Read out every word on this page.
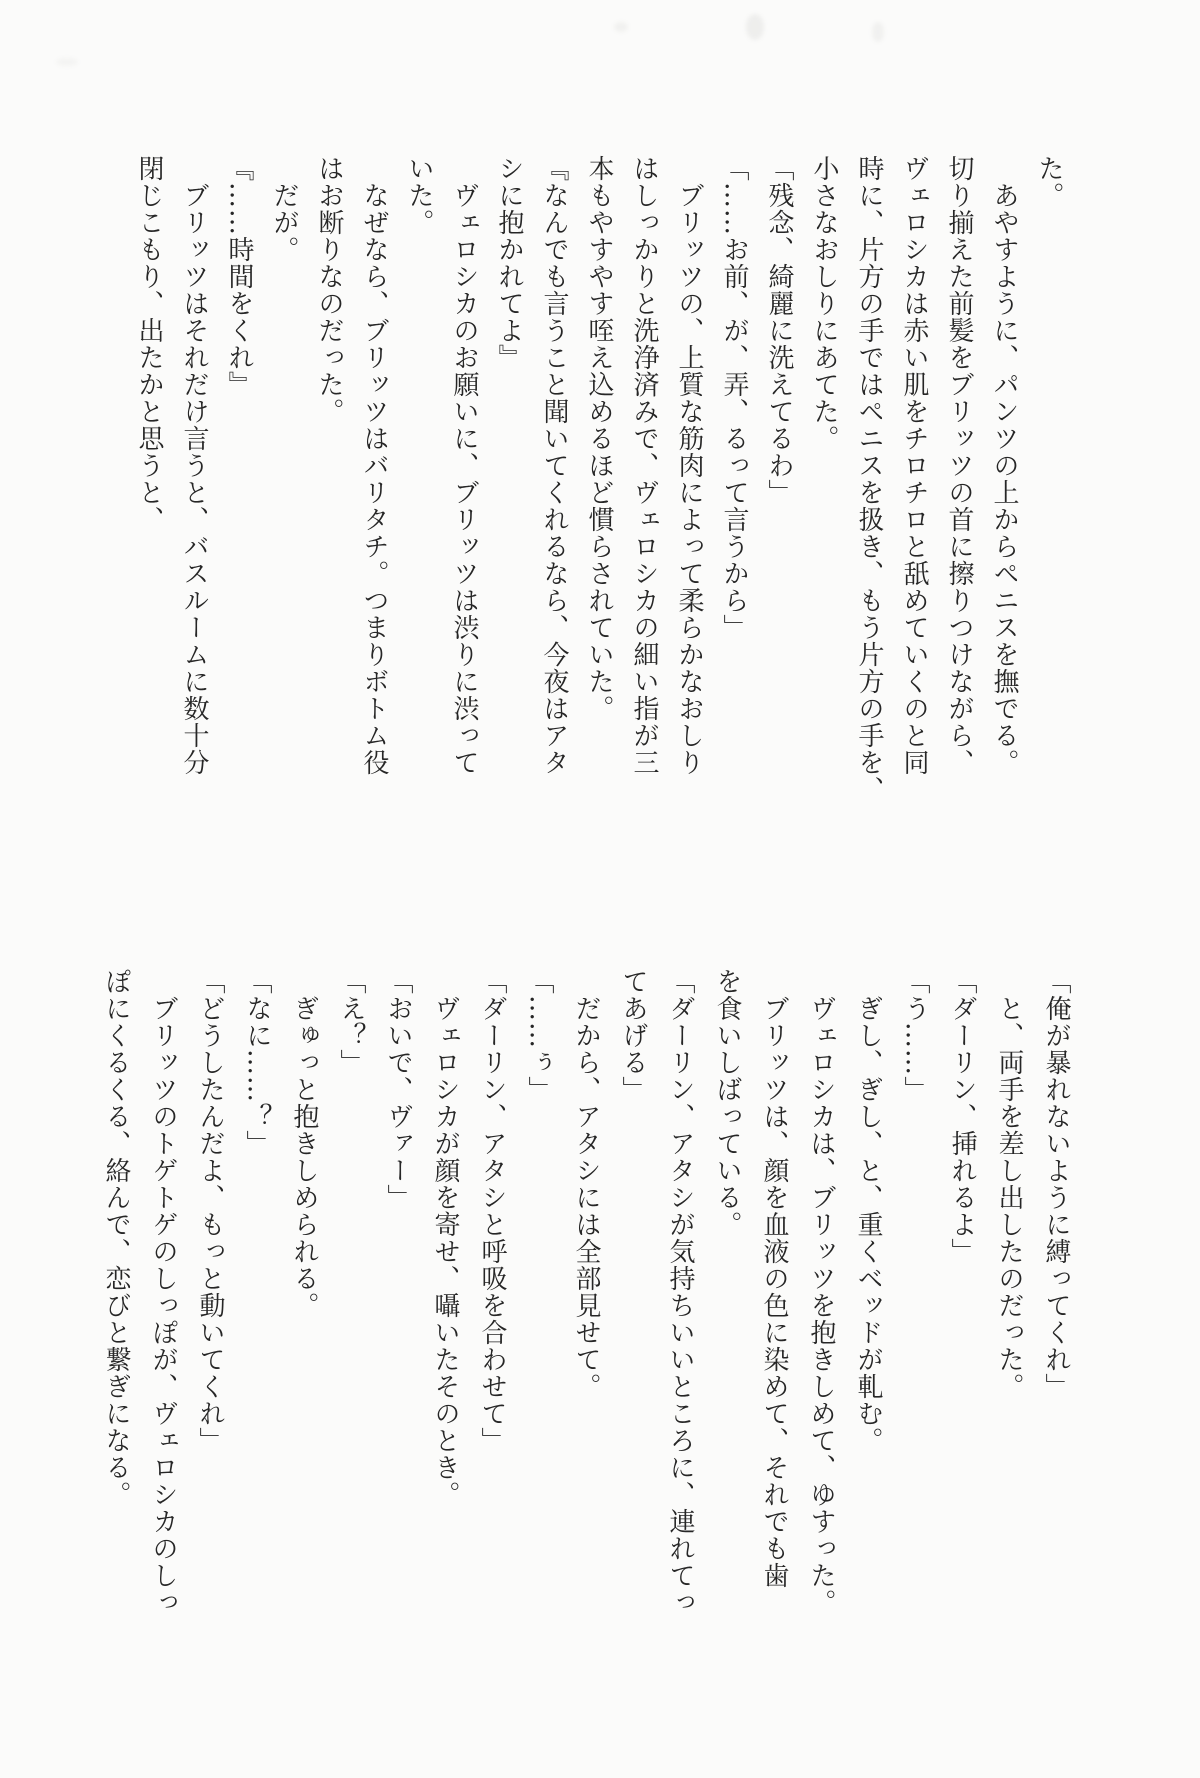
た。

　あやすように、パンツの上からペニスを撫でる。

切り揃えた前髪をブリッツの首に擦りつけながら、

ヴェロシカは赤い肌をチロチロと舐めていくのと同

時に、片方の手ではペニスを扱き、もう片方の手を、

小さなおしりにあてた。

「残念、綺麗に洗えてるわ」

「……お前、が、弄、るって言うから」

　ブリッツの、上質な筋肉によって柔らかなおしり

はしっかりと洗浄済みで、ヴェロシカの細い指が三

本もやすやす咥え込めるほど慣らされていた。

『なんでも言うこと聞いてくれるなら、今夜はアタ

シに抱かれてよ』

　ヴェロシカのお願いに、ブリッツは渋りに渋って

いた。

　なぜなら、ブリッツはバリタチ。つまりボトム役

はお断りなのだった。

　だが。

『……時間をくれ』

　ブリッツはそれだけ言うと、バスルームに数十分

閉じこもり、出たかと思うと、

「俺が暴れないように縛ってくれ」

　と、両手を差し出したのだった。

「ダーリン、挿れるよ」

「う……」

　ぎし、ぎし、と、重くベッドが軋む。

　ヴェロシカは、ブリッツを抱きしめて、ゆすった。

　ブリッツは、顔を血液の色に染めて、それでも歯

を食いしばっている。

「ダーリン、アタシが気持ちいいところに、連れてっ

てあげる」

　だから、アタシには全部見せて。

「……ぅ」

「ダーリン、アタシと呼吸を合わせて」

　ヴェロシカが顔を寄せ、囁いたそのとき。

「おいで、ヴァー」

「え？」

　ぎゅっと抱きしめられる。

「なに……？」

「どうしたんだよ、もっと動いてくれ」

　ブリッツのトゲトゲのしっぽが、ヴェロシカのしっ

ぽにくるくる、絡んで、恋びと繋ぎになる。
